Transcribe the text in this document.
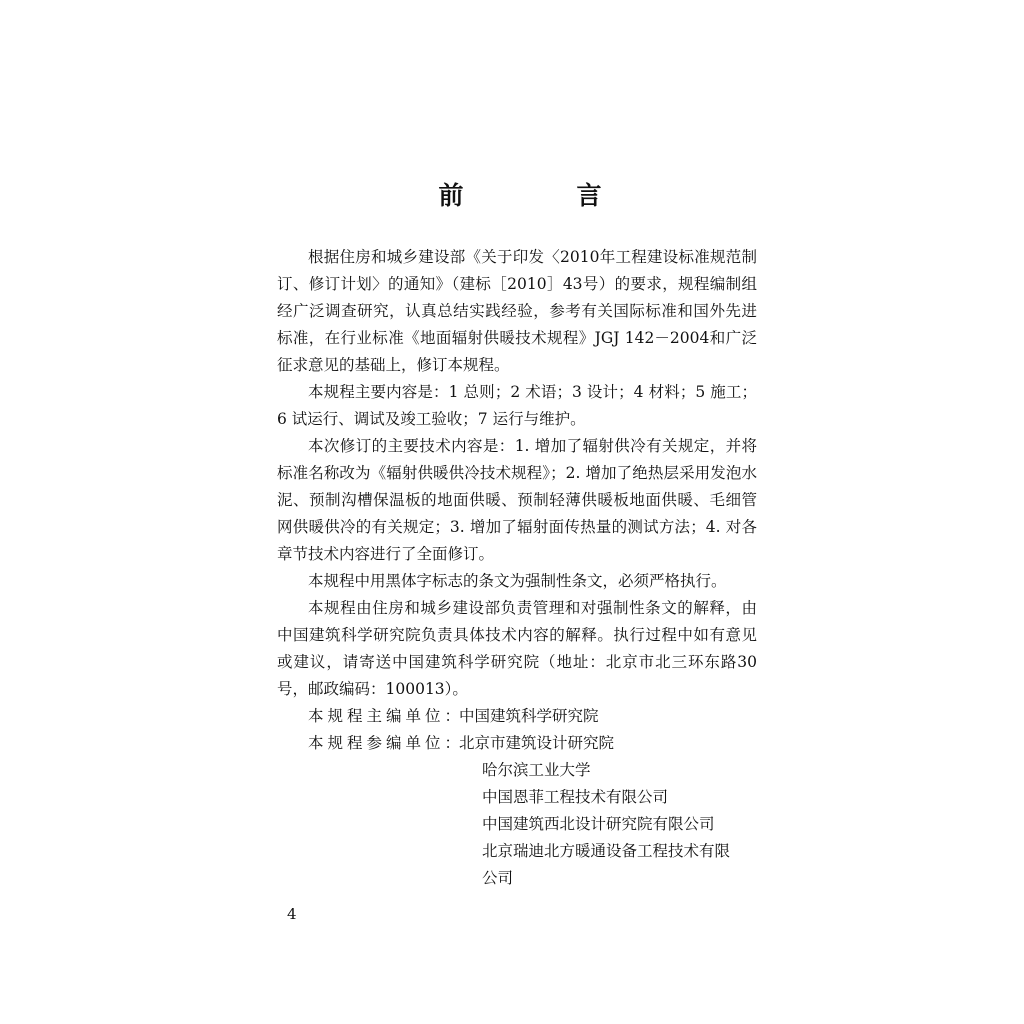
前　言

根据住房和城乡建设部《关于印发〈2010年工程建设标准规范制订、修订计划〉的通知》（建标［2010］43号）的要求，规程编制组经广泛调查研究，认真总结实践经验，参考有关国际标准和国外先进标准，在行业标准《地面辐射供暖技术规程》JGJ 142－2004和广泛征求意见的基础上，修订本规程。

本规程主要内容是：1 总则；2 术语；3 设计；4 材料；5 施工；6 试运行、调试及竣工验收；7 运行与维护。

本次修订的主要技术内容是：1. 增加了辐射供冷有关规定，并将标准名称改为《辐射供暖供冷技术规程》；2. 增加了绝热层采用发泡水泥、预制沟槽保温板的地面供暖、预制轻薄供暖板地面供暖、毛细管网供暖供冷的有关规定；3. 增加了辐射面传热量的测试方法；4. 对各章节技术内容进行了全面修订。

本规程中用黑体字标志的条文为强制性条文，必须严格执行。

本规程由住房和城乡建设部负责管理和对强制性条文的解释，由中国建筑科学研究院负责具体技术内容的解释。执行过程中如有意见或建议，请寄送中国建筑科学研究院（地址：北京市北三环东路30号，邮政编码：100013）。

本规程主编单位：
中国建筑科学研究院
本规程参编单位：
北京市建筑设计研究院
哈尔滨工业大学
中国恩菲工程技术有限公司
中国建筑西北设计研究院有限公司
北京瑞迪北方暖通设备工程技术有限
公司
4
